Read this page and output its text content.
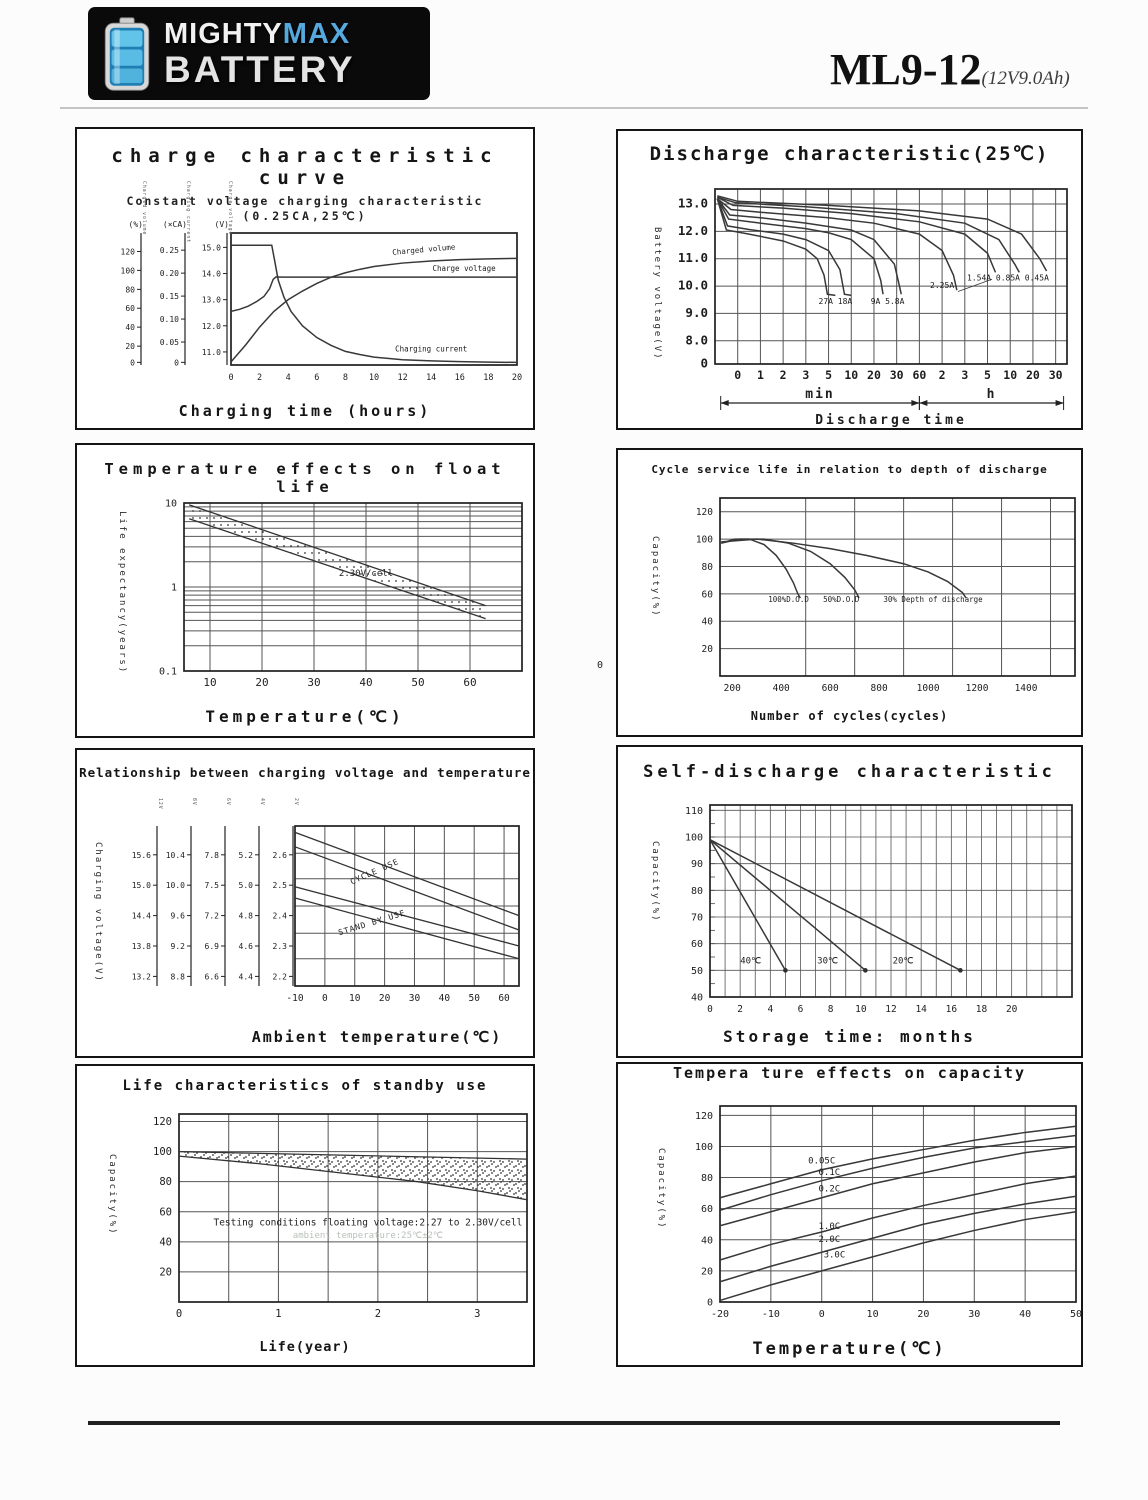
MIGHTYMAX
BATTERY	ML9-12(12V9.0Ah)
charge characteristic curve
Constant voltage charging characteristic
(0.25CA,25℃)
0	2	4	6	8 10 12 14 16 18 20
0
20
40
60
80
100
120
(%)
Charged volume
0
0.05
0.10
0.15
0.20
0.25
(×CA)
Charging current
11.0
12.0
13.0
14.0
15.0
(V)
Charge voltage
Charged volume
Charge voltage
Charging current
Charging time (hours)
Discharge characteristic(25℃)
Battery voltage(V)
0 1 2 3 5 10 20 30 60 2 3 5 10 20 30
13.0
12.0
11.0
10.0
9.0
8.0
0
27A 18A 9A 5.8A
2.25A
1.54A 0.85A 0.45A
Discharge time
min	h
Temperature effects on float life
Life expectancy(years)
10	20	30	40	50	60
10
1
0.1
2.30V/cell
Temperature(℃)
Cycle service life in relation to depth of discharge
Capacity(%)
200	400	600	800	1000	1200	1400
120
100
80
60
40
20
100%D.O.D 50%D.O.D	30% Depth of discharge
Number of cycles(cycles)
0
Relationship between charging voltage and temperature
Charging voltage(V)
-10 0 10 20 30 40 50 60
15.6
15.0
14.4
13.8
13.2
12V
10.4
10.0
9.6
9.2
8.8
8V
7.8
7.5
7.2
6.9
6.6
6V
5.2
5.0
4.8
4.6
4.4
4V
2.6
2.5
2.4
2.3
2.2
2V
CYCLE USE
STAND BY USE
Ambient temperature(℃)
Self-discharge characteristic
Capacity(%)
0	2	4	6	8 10 12 14 16 18 20
110
100
90
80
70
60
50
40
40℃	30℃	20℃
Storage time: months
Life characteristics of standby use
Capacity(%)
0	1	2	3
120
100
80
60
40
20
Testing conditions floating voltage:2.27 to 2.30V/cell
ambient temperature:25℃±2℃
Life(year)
Tempera ture effects on capacity
Capacity(%)
-20	-10	0	10	20	30	40	50
120
100
80
60
40
20
0
0.05C
0.1C
0.2C
1.0C
2.0C
3.0C
Temperature(℃)
